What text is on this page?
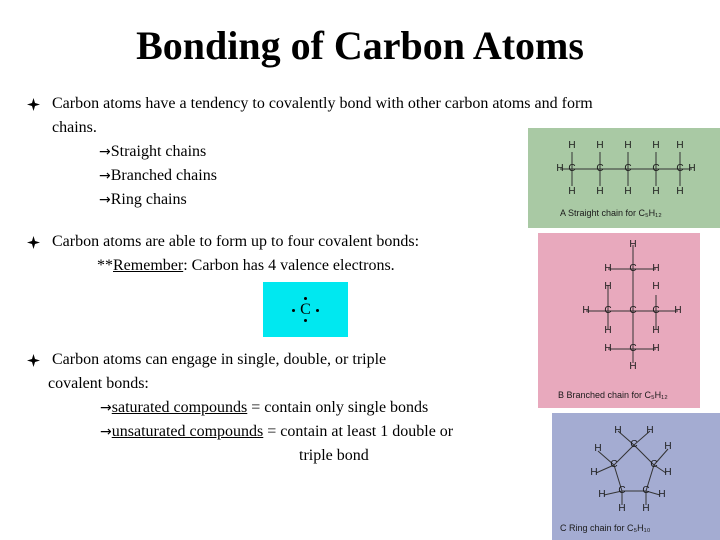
Bonding of Carbon Atoms
Carbon atoms have a tendency to covalently bond with other carbon atoms and form
chains.
→Straight chains
→Branched chains
→Ring chains
Carbon atoms are able to form up to four covalent bonds:
**Remember: Carbon has 4 valence electrons.
C
Carbon atoms can engage in single, double, or triple
covalent bonds:
→saturated compounds = contain only single bonds
→unsaturated compounds = contain at least 1 double or
triple bond
H H H H H
H C C C C C H
H H H H H
A Straight chain for C₅H₁₂
H
H C H
H	H
H C C C H
H	H
H C H
H
B Branched chain for C₅H₁₂
H H
H	H
C
C	C
H	H
C C
H	H
H H
C Ring chain for C₅H₁₀
